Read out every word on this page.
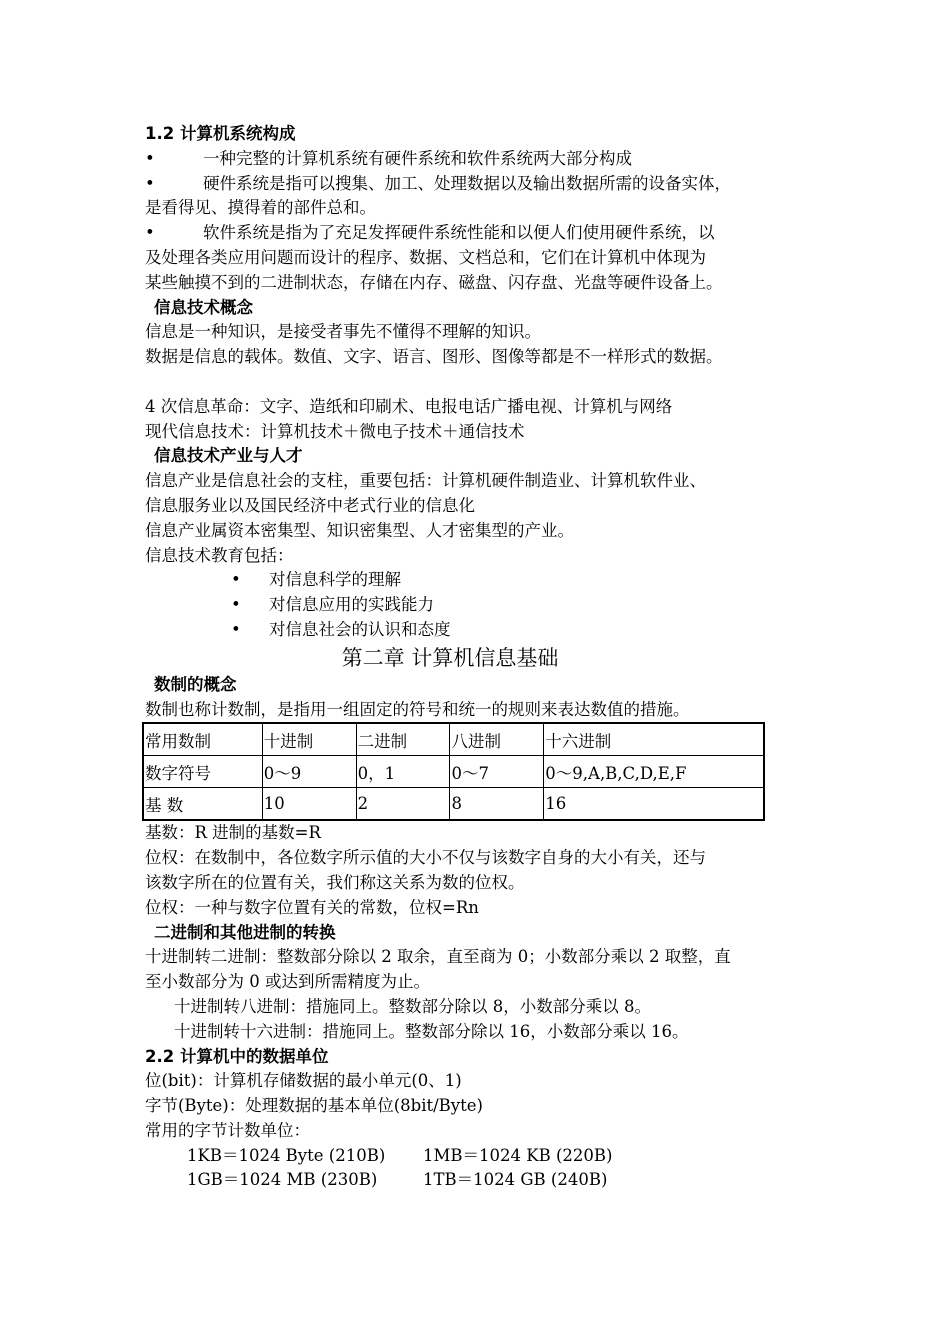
1.2 计算机系统构成
•	一种完整的计算机系统有硬件系统和软件系统两大部分构成
•	硬件系统是指可以搜集、加工、处理数据以及输出数据所需的设备实体，
是看得见、摸得着的部件总和。
•	软件系统是指为了充足发挥硬件系统性能和以便人们使用硬件系统，以
及处理各类应用问题而设计的程序、数据、文档总和，它们在计算机中体现为
某些触摸不到的二进制状态，存储在内存、磁盘、闪存盘、光盘等硬件设备上。
信息技术概念
信息是一种知识，是接受者事先不懂得不理解的知识。
数据是信息的载体。数值、文字、语言、图形、图像等都是不一样形式的数据。
4 次信息革命：文字、造纸和印刷术、电报电话广播电视、计算机与网络
现代信息技术：计算机技术＋微电子技术＋通信技术
信息技术产业与人才
信息产业是信息社会的支柱，重要包括：计算机硬件制造业、计算机软件业、
信息服务业以及国民经济中老式行业的信息化
信息产业属资本密集型、知识密集型、人才密集型的产业。
信息技术教育包括：
•	对信息科学的理解
•	对信息应用的实践能力
•	对信息社会的认识和态度
第二章 计算机信息基础
数制的概念
数制也称计数制，是指用一组固定的符号和统一的规则来表达数值的措施。
常用数制	十进制	二进制	八进制	十六进制
数字符号	0～9	0，1	0～7	0～9,A,B,C,D,E,F
基 数	10	2	8	16
基数：R 进制的基数=R
位权：在数制中，各位数字所示值的大小不仅与该数字自身的大小有关，还与
该数字所在的位置有关，我们称这关系为数的位权。
位权：一种与数字位置有关的常数，位权=Rn
二进制和其他进制的转换
十进制转二进制：整数部分除以 2 取余，直至商为 0；小数部分乘以 2 取整，直
至小数部分为 0 或达到所需精度为止。
十进制转八进制：措施同上。整数部分除以 8，小数部分乘以 8。
十进制转十六进制：措施同上。整数部分除以 16，小数部分乘以 16。
2.2 计算机中的数据单位
位(bit)：计算机存储数据的最小单元(0、1)
字节(Byte)：处理数据的基本单位(8bit/Byte)
常用的字节计数单位：
1KB＝1024 Byte (210B)	1MB＝1024 KB (220B)
1GB＝1024 MB (230B)	1TB＝1024 GB (240B)
